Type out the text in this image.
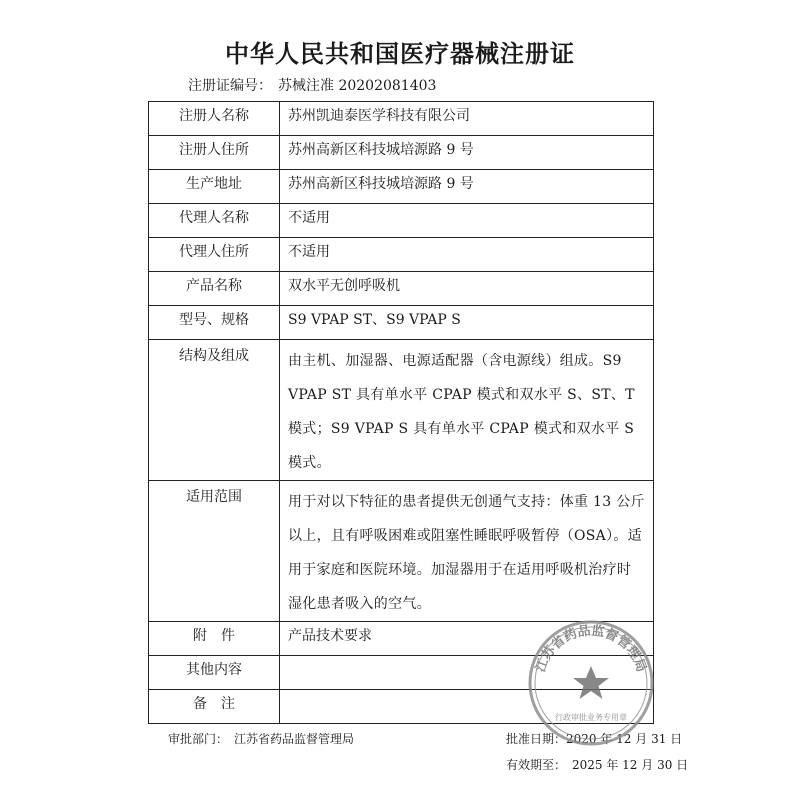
中华人民共和国医疗器械注册证
注册证编号： 苏械注准 20202081403
注册人名称	苏州凯迪泰医学科技有限公司
注册人住所	苏州高新区科技城培源路 9 号
生产地址	苏州高新区科技城培源路 9 号
代理人名称	不适用
代理人住所	不适用
产品名称	双水平无创呼吸机
型号、规格	S9 VPAP ST、S9 VPAP S

结构及组成	由主机、加湿器、电源适配器（含电源线）组成。S9 VPAP ST 具有单水平 CPAP 模式和双水平 S、ST、T 模式；S9 VPAP S 具有单水平 CPAP 模式和双水平 S 模式。

适用范围	用于对以下特征的患者提供无创通气支持：体重 13 公斤以上，且有呼吸困难或阻塞性睡眠呼吸暂停（OSA）。适用于家庭和医院环境。加湿器用于在适用呼吸机治疗时湿化患者吸入的空气。

附　件	产品技术要求
其他内容	
备　注	
审批部门：　江苏省药品监督管理局	批准日期：2020 年 12 月 31 日
有效期至：　2025 年 12 月 30 日
江苏省药品监督管理局
行政审批业务专用章
